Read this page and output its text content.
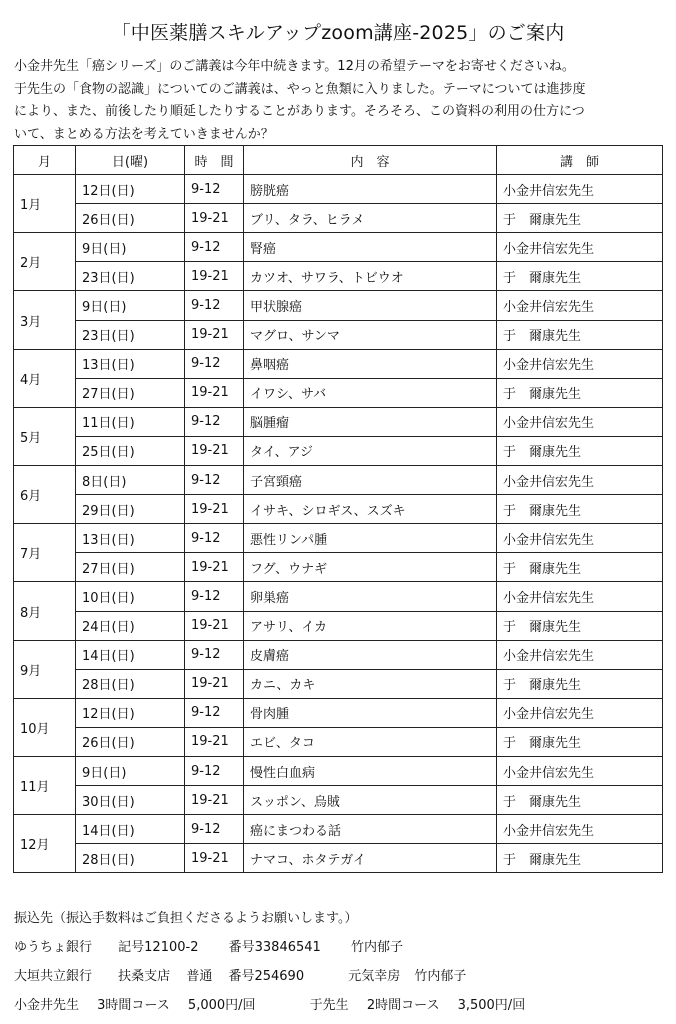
「中医薬膳スキルアップzoom講座-2025」のご案内
小金井先生「癌シリーズ」のご講義は今年中続きます。12月の希望テーマをお寄せくださいね。
于先生の「食物の認識」についてのご講義は、やっと魚類に入りました。テーマについては進捗度
により、また、前後したり順延したりすることがあります。そろそろ、この資料の利用の仕方につ
いて、まとめる方法を考えていきませんか？
月	日(曜)	時　間	内　容	講　師
1月	12日(日)	9-12	膀胱癌	小金井信宏先生
	26日(日)	19-21	ブリ、タラ、ヒラメ	于　爾康先生
2月	9日(日)	9-12	腎癌	小金井信宏先生
	23日(日)	19-21	カツオ、サワラ、トビウオ	于　爾康先生
3月	9日(日)	9-12	甲状腺癌	小金井信宏先生
	23日(日)	19-21	マグロ、サンマ	于　爾康先生
4月	13日(日)	9-12	鼻咽癌	小金井信宏先生
	27日(日)	19-21	イワシ、サバ	于　爾康先生
5月	11日(日)	9-12	脳腫瘤	小金井信宏先生
	25日(日)	19-21	タイ、アジ	于　爾康先生
6月	8日(日)	9-12	子宮頸癌	小金井信宏先生
	29日(日)	19-21	イサキ、シロギス、スズキ	于　爾康先生
7月	13日(日)	9-12	悪性リンパ腫	小金井信宏先生
	27日(日)	19-21	フグ、ウナギ	于　爾康先生
8月	10日(日)	9-12	卵巣癌	小金井信宏先生
	24日(日)	19-21	アサリ、イカ	于　爾康先生
9月	14日(日)	9-12	皮膚癌	小金井信宏先生
	28日(日)	19-21	カニ、カキ	于　爾康先生
10月	12日(日)	9-12	骨肉腫	小金井信宏先生
	26日(日)	19-21	エビ、タコ	于　爾康先生
11月	9日(日)	9-12	慢性白血病	小金井信宏先生
	30日(日)	19-21	スッポン、烏賊	于　爾康先生
12月	14日(日)	9-12	癌にまつわる話	小金井信宏先生
	28日(日)	19-21	ナマコ、ホタテガイ	于　爾康先生
振込先（振込手数料はご負担くださるようお願いします。）
ゆうちょ銀行 記号12100-2 番号33846541 竹内郁子
大垣共立銀行 扶桑支店 普通 番号254690	元気幸房 竹内郁子
小金井先生 3時間コース 5,000円/回	于先生 2時間コース 3,500円/回
